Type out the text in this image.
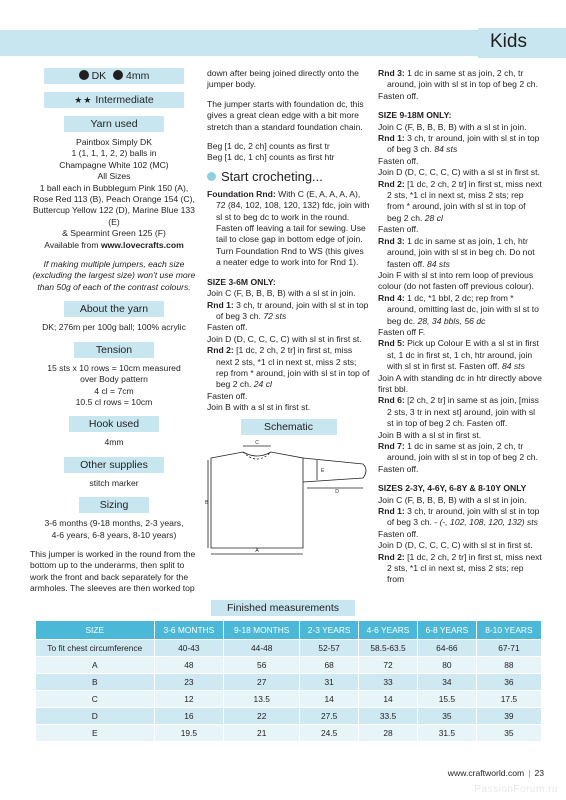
Kids
DK 4mm
★★ Intermediate
Yarn used
Paintbox Simply DK
1 (1, 1, 1, 2, 2) balls in
Champagne White 102 (MC)
All Sizes
1 ball each in Bubblegum Pink 150 (A),
Rose Red 113 (B), Peach Orange 154 (C),
Buttercup Yellow 122 (D), Marine Blue 133 (E)
& Spearmint Green 125 (F)
Available from www.lovecrafts.com
If making multiple jumpers, each size (excluding the largest size) won't use more than 50g of each of the contrast colours.
About the yarn
DK; 276m per 100g ball; 100% acrylic
Tension
15 sts x 10 rows = 10cm measured
over Body pattern
4 cl = 7cm
10.5 cl rows = 10cm
Hook used
4mm
Other supplies
stitch marker
Sizing
3-6 months (9-18 months, 2-3 years,
4-6 years, 6-8 years, 8-10 years)
This jumper is worked in the round from the bottom up to the underarms, then split to work the front and back separately for the armholes. The sleeves are then worked top
down after being joined directly onto the jumper body.
The jumper starts with foundation dc, this gives a great clean edge with a bit more stretch than a standard foundation chain.
Beg [1 dc, 2 ch] counts as first tr
Beg [1 dc, 1 ch] counts as first htr
Start crocheting...
Foundation Rnd: With C (E, A, A, A, A), 72 (84, 102, 108, 120, 132) fdc, join with sl st to beg dc to work in the round. Fasten off leaving a tail for sewing. Use tail to close gap in bottom edge of join. Turn Foundation Rnd to WS (this gives a neater edge to work into for Rnd 1).
SIZE 3-6M ONLY:
Join C (F, B, B, B, B) with a sl st in join.
Rnd 1: 3 ch, tr around, join with sl st in top of beg 3 ch. 72 sts
Fasten off.
Join D (D, C, C, C, C) with sl st in first st.
Rnd 2: [1 dc, 2 ch, 2 tr] in first st, miss next 2 sts, *1 cl in next st, miss 2 sts; rep from * around, join with sl st in top of beg 2 ch. 24 cl
Fasten off.
Join B with a sl st in first st.
Schematic
C
A
D
E
B
Rnd 3: 1 dc in same st as join, 2 ch, tr around, join with sl st in top of beg 2 ch.
Fasten off.
SIZE 9-18M ONLY:
Join C (F, B, B, B, B) with a sl st in join.
Rnd 1: 3 ch, tr around, join with sl st in top of beg 3 ch. 84 sts
Fasten off.
Join D (D, C, C, C, C) with a sl st in first st.
Rnd 2: [1 dc, 2 ch, 2 tr] in first st, miss next 2 sts, *1 cl in next st, miss 2 sts; rep from * around, join with sl st in top of beg 2 ch. 28 cl
Fasten off.
Rnd 3: 1 dc in same st as join, 1 ch, htr around, join with sl st in beg ch. Do not fasten off. 84 sts
Join F with sl st into rem loop of previous colour (do not fasten off previous colour).
Rnd 4: 1 dc, *1 bbl, 2 dc; rep from * around, omitting last dc, join with sl st to beg dc. 28, 34 bbls, 56 dc
Fasten off F.
Rnd 5: Pick up Colour E with a sl st in first st, 1 dc in first st, 1 ch, htr around, join with sl st in first st. Fasten off. 84 sts
Join A with standing dc in htr directly above first bbl.
Rnd 6: [2 ch, 2 tr] in same st as join, [miss 2 sts, 3 tr in next st] around, join with sl st in top of beg 2 ch. Fasten off.
Join B with a sl st in first st.
Rnd 7: 1 dc in same st as join, 2 ch, tr around, join with sl st in top of beg 2 ch.
Fasten off.
SIZES 2-3Y, 4-6Y, 6-8Y & 8-10Y ONLY
Join C (F, B, B, B, B) with a sl st in join.
Rnd 1: 3 ch, tr around, join with sl st in top of beg 3 ch. - (-, 102, 108, 120, 132) sts
Fasten off.
Join D (D, C, C, C, C) with sl st in first st.
Rnd 2: [1 dc, 2 ch, 2 tr] in first st, miss next 2 sts, *1 cl in next st, miss 2 sts; rep from
Finished measurements
SIZE	3-6 MONTHS	9-18 MONTHS	2-3 YEARS	4-6 YEARS	6-8 YEARS	8-10 YEARS
To fit chest circumference	40-43	44-48	52-57	58.5-63.5	64-66	67-71
A	48	56	68	72	80	88
B	23	27	31	33	34	36
C	12	13.5	14	14	15.5	17.5
D	16	22	27.5	33.5	35	39
E	19.5	21	24.5	28	31.5	35
www.craftworld.com | 23
PassionForum.ru
